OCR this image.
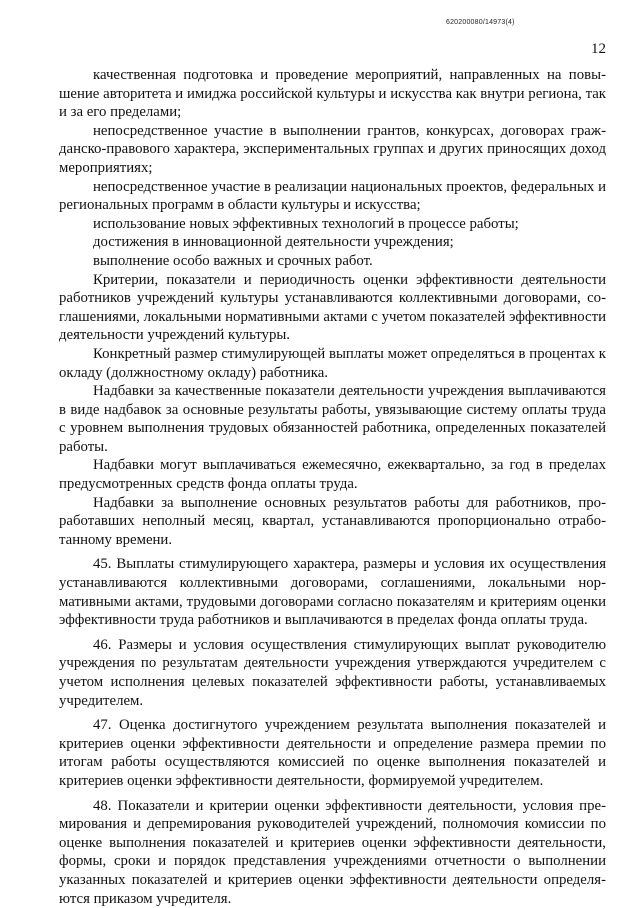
620200080/14973(4)
12

качественная подготовка и проведение мероприятий, направленных на повышение авторитета и имиджа российской культуры и искусства как внутри региона, так и за его пределами;

непосредственное участие в выполнении грантов, конкурсах, договорах гражданско-правового характера, экспериментальных группах и других приносящих доход мероприятиях;

непосредственное участие в реализации национальных проектов, федеральных и региональных программ в области культуры и искусства;

использование новых эффективных технологий в процессе работы;

достижения в инновационной деятельности учреждения;

выполнение особо важных и срочных работ.

Критерии, показатели и периодичность оценки эффективности деятельности работников учреждений культуры устанавливаются коллективными договорами, соглашениями, локальными нормативными актами с учетом показателей эффективности деятельности учреждений культуры.

Конкретный размер стимулирующей выплаты может определяться в процентах к окладу (должностному окладу) работника.

Надбавки за качественные показатели деятельности учреждения выплачиваются в виде надбавок за основные результаты работы, увязывающие систему оплаты труда с уровнем выполнения трудовых обязанностей работника, определенных показателей работы.

Надбавки могут выплачиваться ежемесячно, ежеквартально, за год в пределах предусмотренных средств фонда оплаты труда.

Надбавки за выполнение основных результатов работы для работников, проработавших неполный месяц, квартал, устанавливаются пропорционально отработанному времени.

45. Выплаты стимулирующего характера, размеры и условия их осуществления устанавливаются коллективными договорами, соглашениями, локальными нормативными актами, трудовыми договорами согласно показателям и критериям оценки эффективности труда работников и выплачиваются в пределах фонда оплаты труда.

46. Размеры и условия осуществления стимулирующих выплат руководителю учреждения по результатам деятельности учреждения утверждаются учредителем с учетом исполнения целевых показателей эффективности работы, устанавливаемых учредителем.

47. Оценка достигнутого учреждением результата выполнения показателей и критериев оценки эффективности деятельности и определение размера премии по итогам работы осуществляются комиссией по оценке выполнения показателей и критериев оценки эффективности деятельности, формируемой учредителем.

48. Показатели и критерии оценки эффективности деятельности, условия премирования и депремирования руководителей учреждений, полномочия комиссии по оценке выполнения показателей и критериев оценки эффективности деятельности, формы, сроки и порядок представления учреждениями отчетности о выполнении указанных показателей и критериев оценки эффективности деятельности определяются приказом учредителя.
